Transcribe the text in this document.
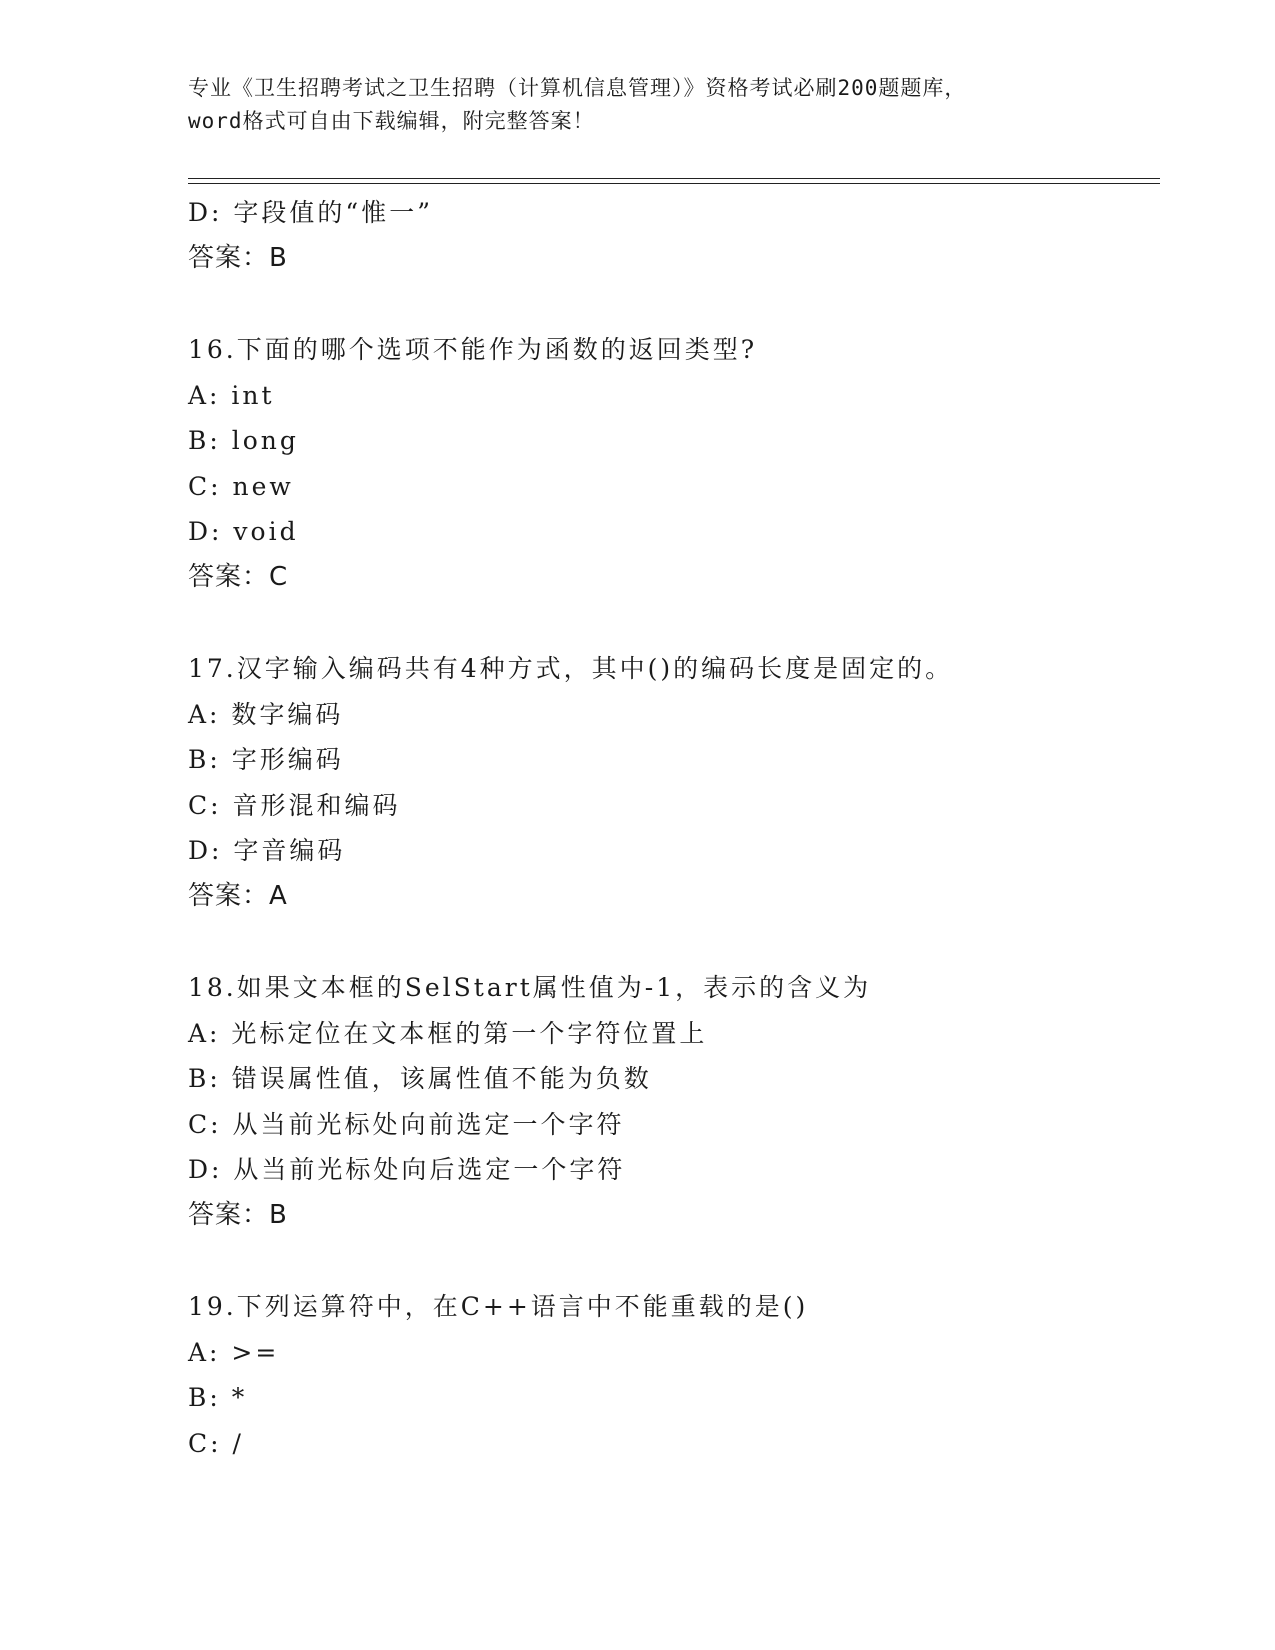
专业《卫生招聘考试之卫生招聘（计算机信息管理）》资格考试必刷200题题库，
word格式可自由下载编辑，附完整答案！
D: 字段值的“惟一”
答案：B
16.下面的哪个选项不能作为函数的返回类型?
A: int
B: long
C: new
D: void
答案：C
17.汉字输入编码共有4种方式，其中()的编码长度是固定的。
A: 数字编码
B: 字形编码
C: 音形混和编码
D: 字音编码
答案：A
18.如果文本框的SelStart属性值为-1，表示的含义为
A: 光标定位在文本框的第一个字符位置上
B: 错误属性值，该属性值不能为负数
C: 从当前光标处向前选定一个字符
D: 从当前光标处向后选定一个字符
答案：B
19.下列运算符中，在C++语言中不能重载的是()
A: >=
B: *
C: /
